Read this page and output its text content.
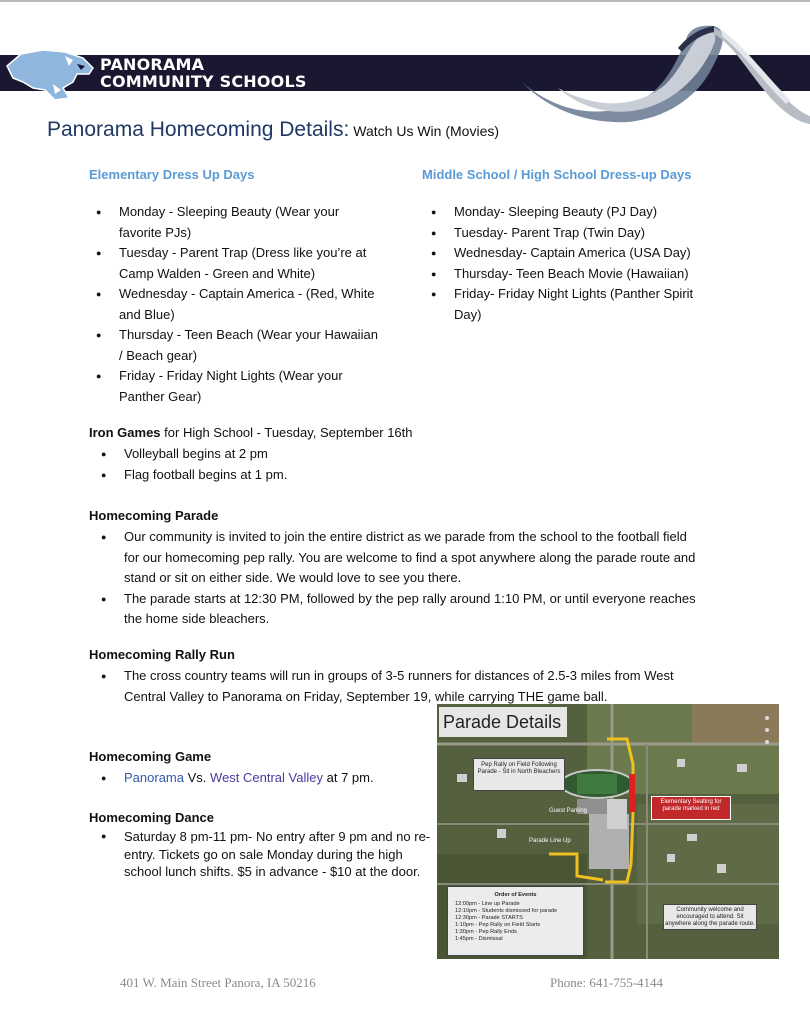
PANORAMA
COMMUNITY SCHOOLS
Panorama Homecoming Details: Watch Us Win (Movies)
Elementary Dress Up Days
● Monday - Sleeping Beauty (Wear your favorite PJs)
● Tuesday - Parent Trap (Dress like you’re at Camp Walden - Green and White)
● Wednesday - Captain America - (Red, White and Blue)
● Thursday - Teen Beach (Wear your Hawaiian / Beach gear)
● Friday - Friday Night Lights (Wear your Panther Gear)
Middle School / High School Dress-up Days
● Monday- Sleeping Beauty (PJ Day)
● Tuesday- Parent Trap (Twin Day)
● Wednesday- Captain America (USA Day)
● Thursday- Teen Beach Movie (Hawaiian)
● Friday- Friday Night Lights (Panther Spirit Day)
Iron Games for High School - Tuesday, September 16th
● Volleyball begins at 2 pm
● Flag football begins at 1 pm.
Homecoming Parade
● Our community is invited to join the entire district as we parade from the school to the football field for our homecoming pep rally. You are welcome to find a spot anywhere along the parade route and stand or sit on either side. We would love to see you there.
● The parade starts at 12:30 PM, followed by the pep rally around 1:10 PM, or until everyone reaches the home side bleachers.
Homecoming Rally Run
● The cross country teams will run in groups of 3-5 runners for distances of 2.5-3 miles from West Central Valley to Panorama on Friday, September 19, while carrying THE game ball.
Homecoming Game
● Panorama Vs. West Central Valley at 7 pm.
Homecoming Dance
● Saturday 8 pm-11 pm- No entry after 9 pm and no re-entry. Tickets go on sale Monday during the high school lunch shifts. $5 in advance - $10 at the door.
Parade Details
Pep Rally on Field Following Parade - Sit in North Bleachers
Elementary Seating for parade marked in red
Guest Parking
Parade Line Up
Community welcome and encouraged to attend. Sit anywhere along the parade route.
Order of Events
12:00pm - Line up Parade
12:10pm - Students dismissed for parade
12:30pm - Parade STARTS
1:10pm - Pep Rally on Field Starts
1:30pm - Pep Rally Ends
1:45pm - Dismissal
401 W. Main Street Panora, IA 50216	Phone: 641-755-4144
